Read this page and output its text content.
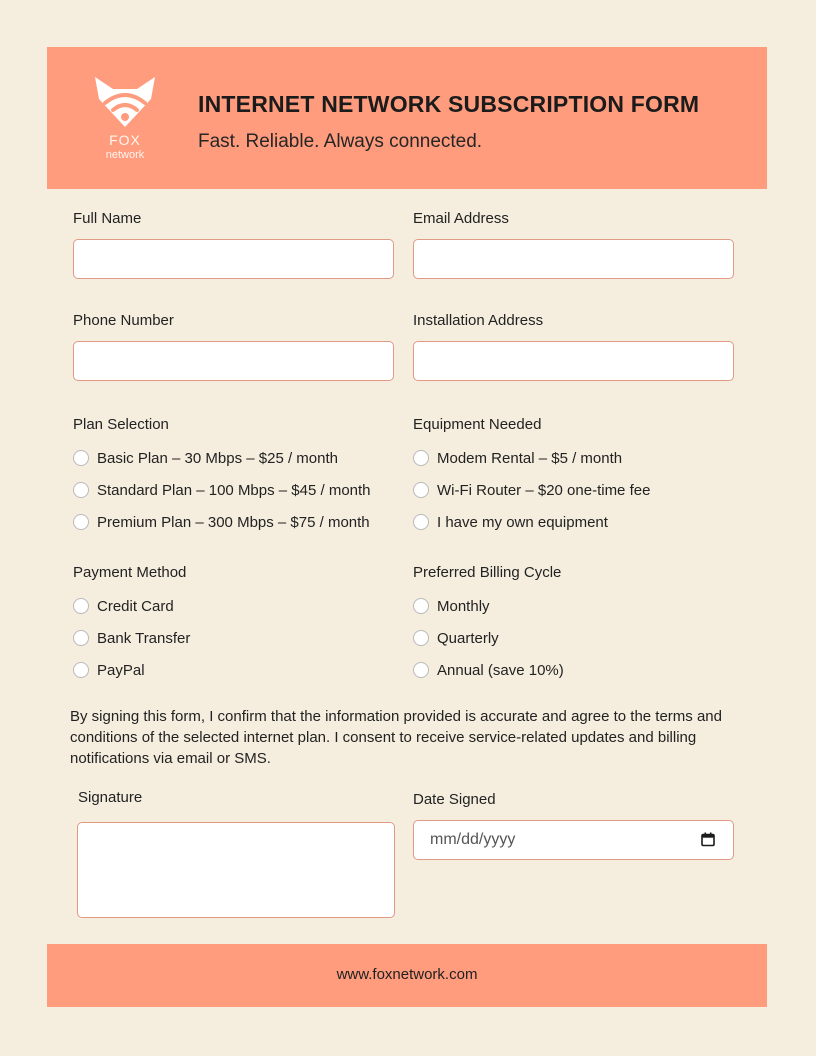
FOX
network
INTERNET NETWORK SUBSCRIPTION FORM
Fast. Reliable. Always connected.
Full Name	Email Address
Phone Number	Installation Address
Plan Selection
Basic Plan – 30 Mbps – $25 / month
Standard Plan – 100 Mbps – $45 / month
Premium Plan – 300 Mbps – $75 / month
Equipment Needed
Modem Rental – $5 / month
Wi-Fi Router – $20 one-time fee
I have my own equipment
Payment Method
Credit Card
Bank Transfer
PayPal
Preferred Billing Cycle
Monthly
Quarterly
Annual (save 10%)
By signing this form, I confirm that the information provided is accurate and agree to the terms and conditions of the selected internet plan. I consent to receive service-related updates and billing notifications via email or SMS.
Signature	Date Signed
mm/dd/yyyy
www.foxnetwork.com
